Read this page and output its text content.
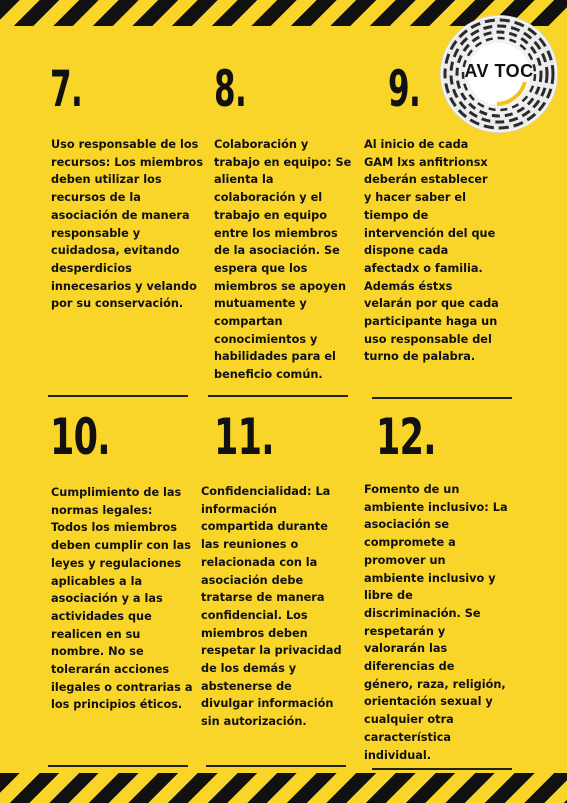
AV TOC
7.	8.	9.
Uso responsable de los
recursos: Los miembros
deben utilizar los
recursos de la
asociación de manera
responsable y
cuidadosa, evitando
desperdicios
innecesarios y velando
por su conservación.
Colaboración y
trabajo en equipo: Se
alienta la
colaboración y el
trabajo en equipo
entre los miembros
de la asociación. Se
espera que los
miembros se apoyen
mutuamente y
compartan
conocimientos y
habilidades para el
beneficio común.
Al inicio de cada
GAM lxs anfitrionsx
deberán establecer
y hacer saber el
tiempo de
intervención del que
dispone cada
afectadx o familia.
Además éstxs
velarán por que cada
participante haga un
uso responsable del
turno de palabra.
10. 11. 12.
Cumplimiento de las
normas legales:
Todos los miembros
deben cumplir con las
leyes y regulaciones
aplicables a la
asociación y a las
actividades que
realicen en su
nombre. No se
tolerarán acciones
ilegales o contrarias a
los principios éticos.
Confidencialidad: La
información
compartida durante
las reuniones o
relacionada con la
asociación debe
tratarse de manera
confidencial. Los
miembros deben
respetar la privacidad
de los demás y
abstenerse de
divulgar información
sin autorización.
Fomento de un
ambiente inclusivo: La
asociación se
compromete a
promover un
ambiente inclusivo y
libre de
discriminación. Se
respetarán y
valorarán las
diferencias de
género, raza, religión,
orientación sexual y
cualquier otra
característica
individual.
